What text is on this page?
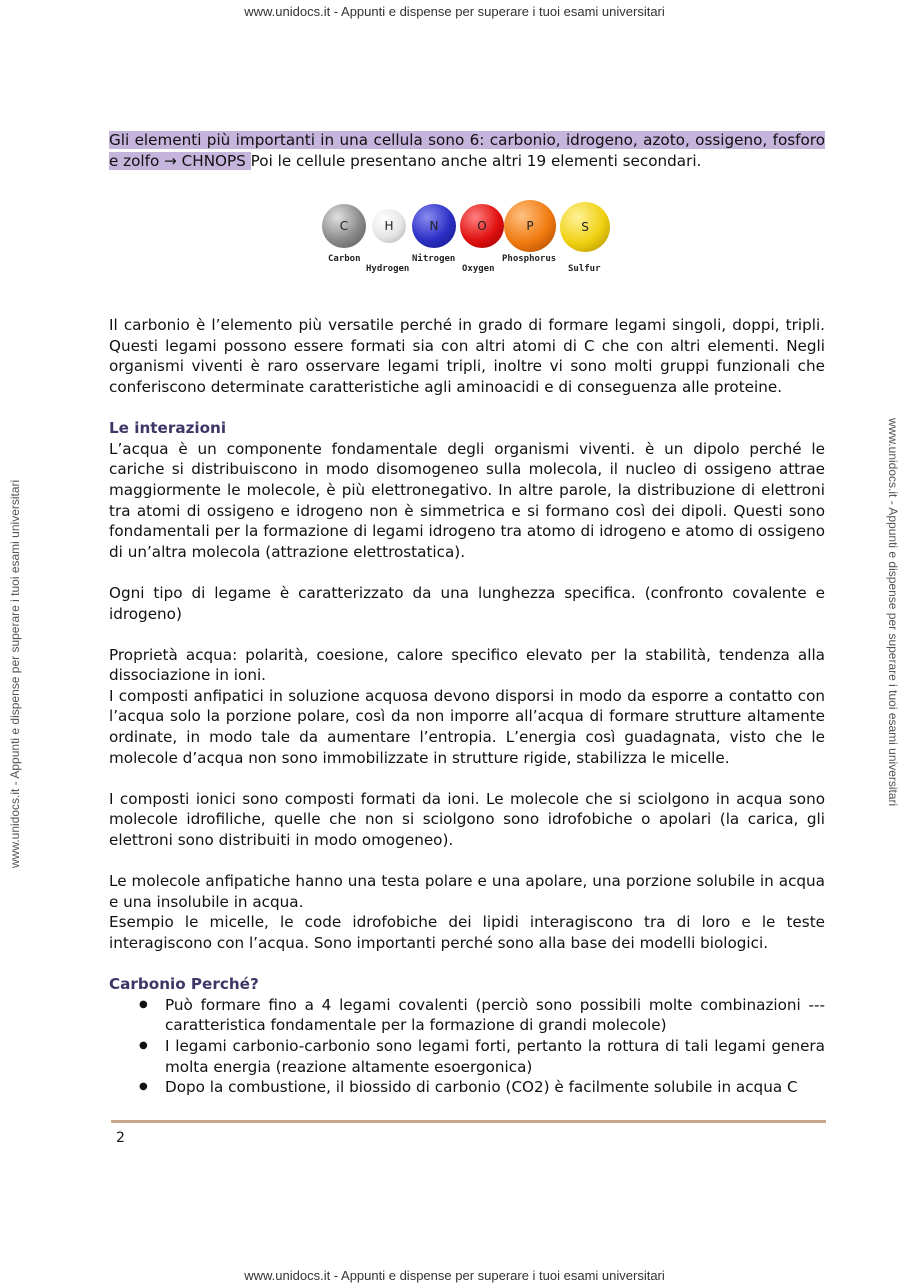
www.unidocs.it - Appunti e dispense per superare i tuoi esami universitari
www.unidocs.it - Appunti e dispense per superare i tuoi esami universitari	www.unidocs.it - Appunti e dispense per superare i tuoi esami universitari
C	H	N	O	P	S
Carbon
Hydrogen
Nitrogen
Oxygen
Phosphorus
Sulfur

Gli elementi più importanti in una cellula sono 6: carbonio, idrogeno, azoto, ossigeno, fosforo e zolfo → CHNOPS Poi le cellule presentano anche altri 19 elementi secondari.

Il carbonio è l’elemento più versatile perché in grado di formare legami singoli, doppi, tripli. Questi legami possono essere formati sia con altri atomi di C che con altri elementi. Negli organismi viventi è raro osservare legami tripli, inoltre vi sono molti gruppi funzionali che conferiscono determinate caratteristiche agli aminoacidi e di conseguenza alle proteine.

Le interazioni

L’acqua è un componente fondamentale degli organismi viventi. è un dipolo perché le cariche si distribuiscono in modo disomogeneo sulla molecola, il nucleo di ossigeno attrae maggiormente le molecole, è più elettronegativo. In altre parole, la distribuzione di elettroni tra atomi di ossigeno e idrogeno non è simmetrica e si formano così dei dipoli. Questi sono fondamentali per la formazione di legami idrogeno tra atomo di idrogeno e atomo di ossigeno di un’altra molecola (attrazione elettrostatica).

Ogni tipo di legame è caratterizzato da una lunghezza specifica. (confronto covalente e idrogeno)

Proprietà acqua: polarità, coesione, calore specifico elevato per la stabilità, tendenza alla dissociazione in ioni.

I composti anfipatici in soluzione acquosa devono disporsi in modo da esporre a contatto con l’acqua solo la porzione polare, così da non imporre all’acqua di formare strutture altamente ordinate, in modo tale da aumentare l’entropia. L’energia così guadagnata, visto che le molecole d’acqua non sono immobilizzate in strutture rigide, stabilizza le micelle.

I composti ionici sono composti formati da ioni. Le molecole che si sciolgono in acqua sono molecole idrofiliche, quelle che non si sciolgono sono idrofobiche o apolari (la carica, gli elettroni sono distribuiti in modo omogeneo).

Le molecole anfipatiche hanno una testa polare e una apolare, una porzione solubile in acqua e una insolubile in acqua.

Esempio le micelle, le code idrofobiche dei lipidi interagiscono tra di loro e le teste interagiscono con l’acqua. Sono importanti perché sono alla base dei modelli biologici.

Carbonio Perché?

● Può formare fino a 4 legami covalenti (perciò sono possibili molte combinazioni --- caratteristica fondamentale per la formazione di grandi molecole)
● I legami carbonio-carbonio sono legami forti, pertanto la rottura di tali legami genera molta energia (reazione altamente esoergonica)
● Dopo la combustione, il biossido di carbonio (CO2) è facilmente solubile in acqua C
2
www.unidocs.it - Appunti e dispense per superare i tuoi esami universitari
